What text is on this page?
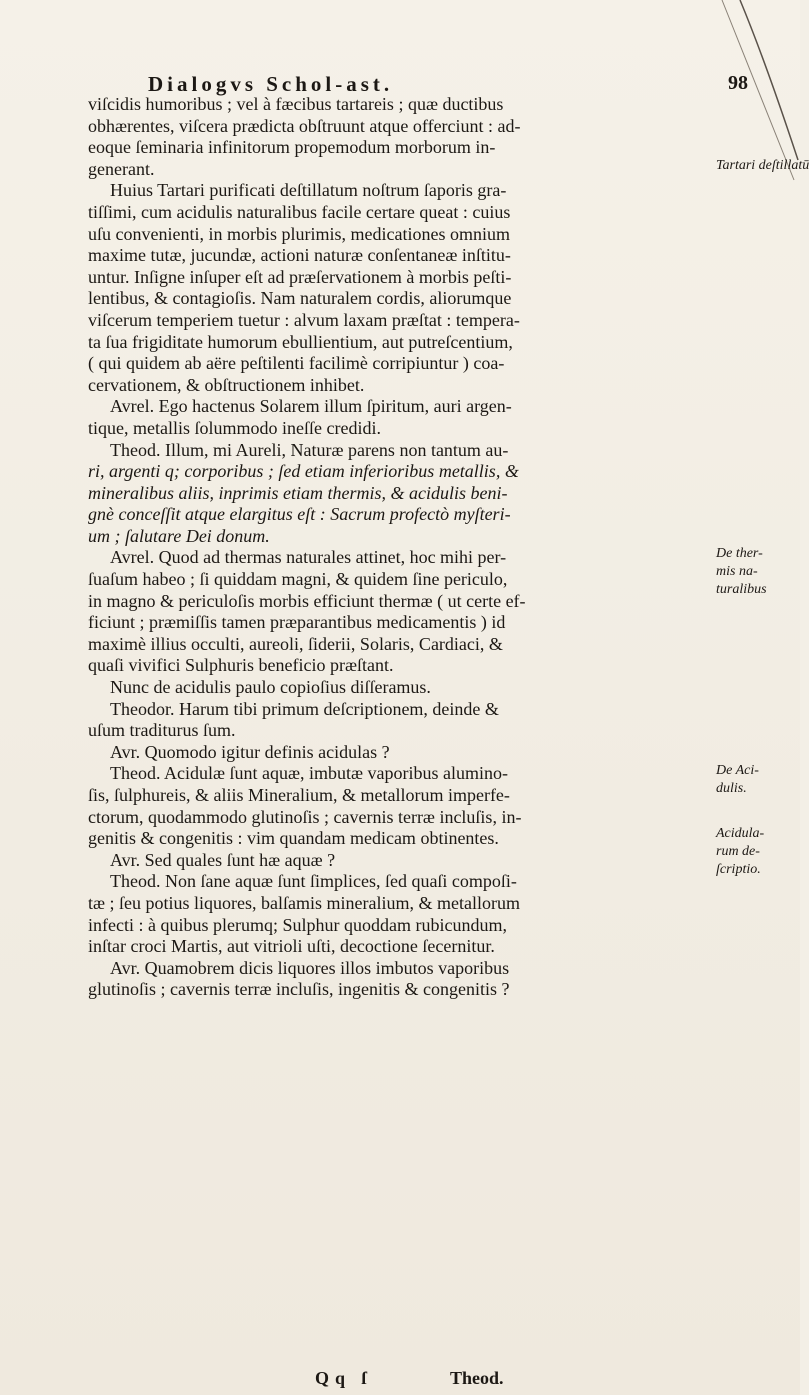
Dialogvs Schol-ast.	98
viſcidis humoribus ; vel à fæcibus tartareis ; quæ ductibus
obhærentes, viſcera prædicta obſtruunt atque offerciunt : ad-
eoque ſeminaria infinitorum propemodum morborum in-
generant.
Huius Tartari purificati deſtillatum noſtrum ſaporis gra-
tiſſimi, cum acidulis naturalibus facile certare queat : cuius
uſu convenienti, in morbis plurimis, medicationes omnium
maxime tutæ, jucundæ, actioni naturæ conſentaneæ inſtitu-
untur. Inſigne inſuper eſt ad præſervationem à morbis peſti-
lentibus, & contagioſis. Nam naturalem cordis, aliorumque
viſcerum temperiem tuetur : alvum laxam præſtat : tempera-
ta ſua frigiditate humorum ebullientium, aut putreſcentium,
( qui quidem ab aëre peſtilenti facilimè corripiuntur ) coa-
cervationem, & obſtructionem inhibet.
Avrel. Ego hactenus Solarem illum ſpiritum, auri argen-
tique, metallis ſolummodo ineſſe credidi.
Theod. Illum, mi Aureli, Naturæ parens non tantum au-
ri, argenti q; corporibus ; ſed etiam inferioribus metallis, &
mineralibus aliis, inprimis etiam thermis, & acidulis beni-
gnè conceſſit atque elargitus eſt : Sacrum profectò myſteri-
um ; ſalutare Dei donum.
Avrel. Quod ad thermas naturales attinet, hoc mihi per-
ſuaſum habeo ; ſi quiddam magni, & quidem ſine periculo,
in magno & periculoſis morbis efficiunt thermæ ( ut certe ef-
ficiunt ; præmiſſis tamen præparantibus medicamentis ) id
maximè illius occulti, aureoli, ſiderii, Solaris, Cardiaci, &
quaſi vivifici Sulphuris beneficio præſtant.
Nunc de acidulis paulo copioſius diſſeramus.
Theodor. Harum tibi primum deſcriptionem, deinde &
uſum traditurus ſum.
Avr. Quomodo igitur definis acidulas ?
Theod. Acidulæ ſunt aquæ, imbutæ vaporibus alumino-
ſis, ſulphureis, & aliis Mineralium, & metallorum imperfe-
ctorum, quodammodo glutinoſis ; cavernis terræ incluſis, in-
genitis & congenitis : vim quandam medicam obtinentes.
Avr. Sed quales ſunt hæ aquæ ?
Theod. Non ſane aquæ ſunt ſimplices, ſed quaſi compoſi-
tæ ; ſeu potius liquores, balſamis mineralium, & metallorum
infecti : à quibus plerumq; Sulphur quoddam rubicundum,
inſtar croci Martis, aut vitrioli uſti, decoctione ſecernitur.
Avr. Quamobrem dicis liquores illos imbutos vaporibus
glutinoſis ; cavernis terræ incluſis, ingenitis & congenitis ?
Tartari deſtillatū
De ther-
mis na-
turalibus
De Aci-
dulis.
Acidula-
rum de-
ſcriptio.
Qq ſ	Theod.
